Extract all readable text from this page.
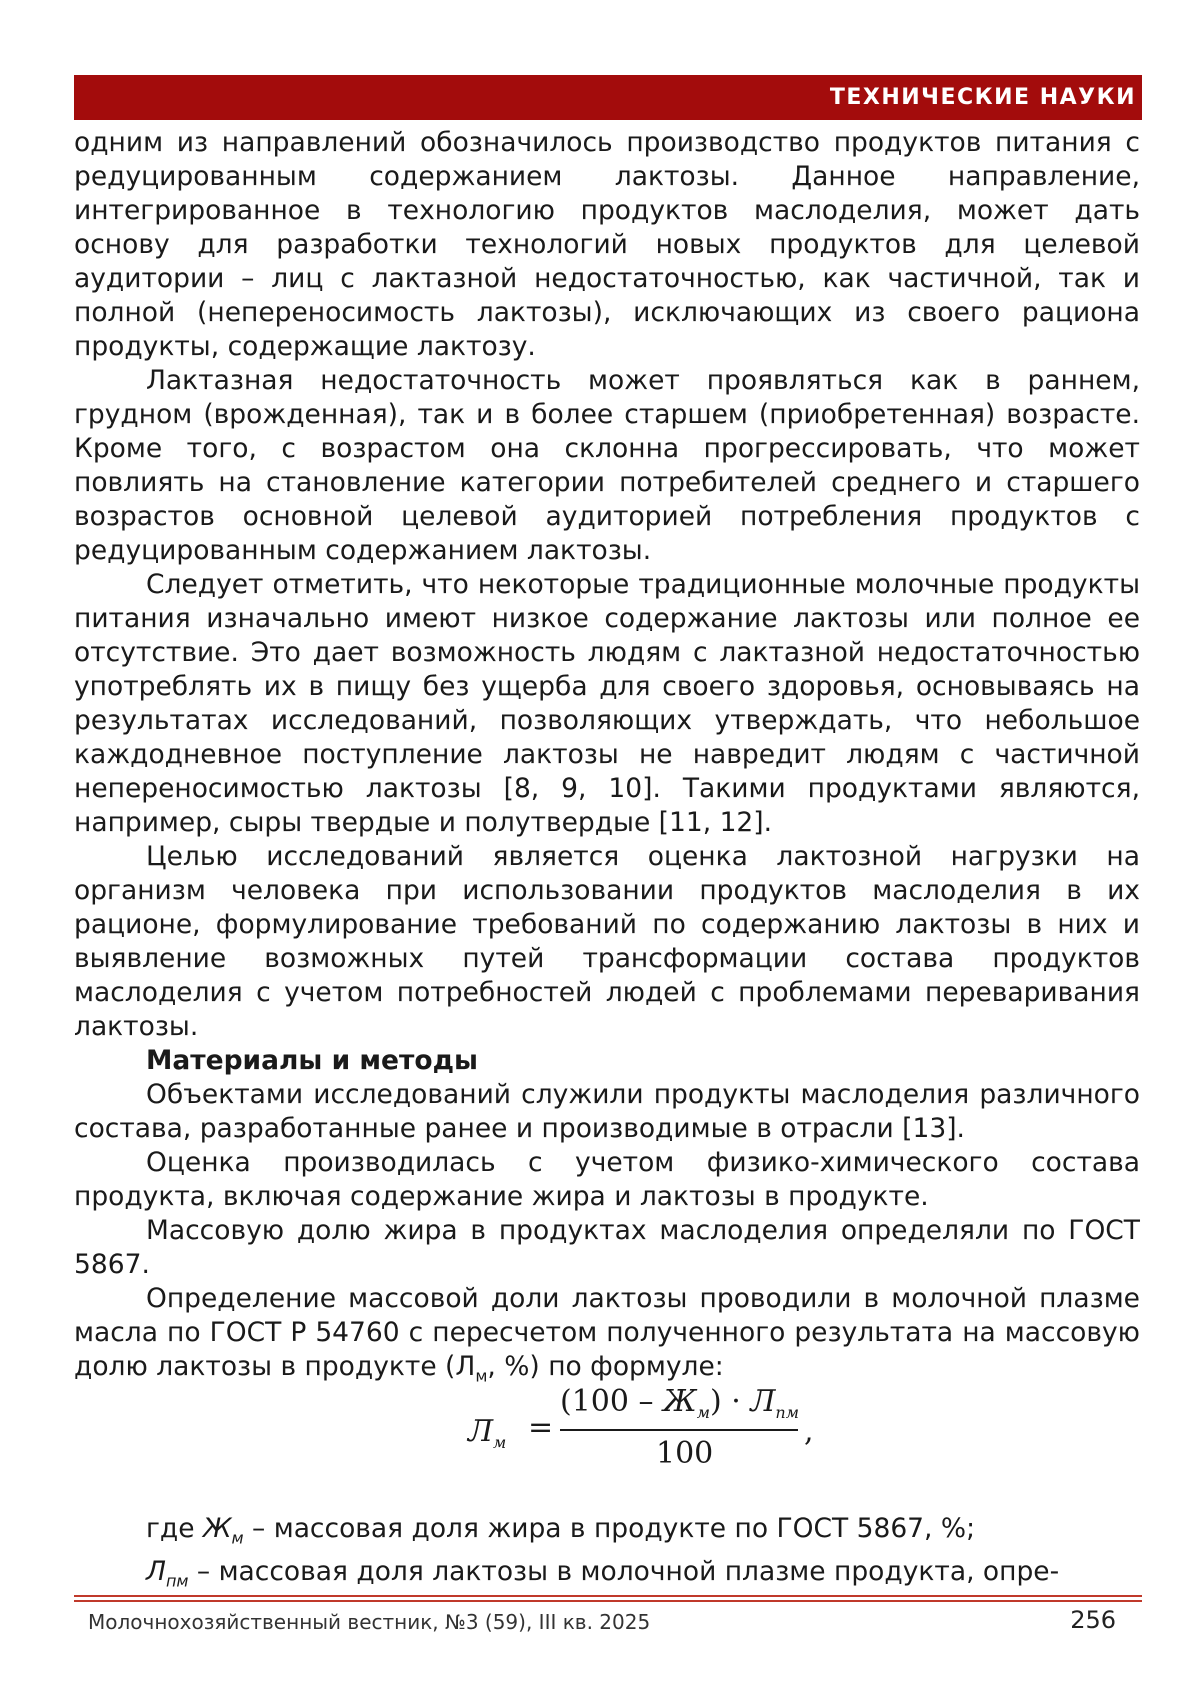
ТЕХНИЧЕСКИЕ НАУКИ

одним из направлений обозначилось производство продуктов питания с редуцированным содержанием лактозы. Данное направление, интегрированное в технологию продуктов маслоделия, может дать основу для разработки технологий новых продуктов для целевой аудитории – лиц с лактазной недостаточностью, как частичной, так и полной (непереносимость лактозы), исключающих из своего рациона продукты, содержащие лактозу.

Лактазная недостаточность может проявляться как в раннем, грудном (врожденная), так и в более старшем (приобретенная) возрасте. Кроме того, с возрастом она склонна прогрессировать, что может повлиять на становление категории потребителей среднего и старшего возрастов основной целевой аудиторией потребления продуктов с редуцированным содержанием лактозы.

Следует отметить, что некоторые традиционные молочные продукты питания изначально имеют низкое содержание лактозы или полное ее отсутствие. Это дает возможность людям с лактазной недостаточностью употреблять их в пищу без ущерба для своего здоровья, основываясь на результатах исследований, позволяющих утверждать, что небольшое каждодневное поступление лактозы не навредит людям с частичной непереносимостью лактозы [8, 9, 10]. Такими продуктами являются, например, сыры твердые и полутвердые [11, 12].

Целью исследований является оценка лактозной нагрузки на организм человека при использовании продуктов маслоделия в их рационе, формулирование требований по содержанию лактозы в них и выявление возможных путей трансформации состава продуктов маслоделия с учетом потребностей людей с проблемами переваривания лактозы.

Материалы и методы

Объектами исследований служили продукты маслоделия различного состава, разработанные ранее и производимые в отрасли [13].

Оценка производилась с учетом физико-химического состава продукта, включая содержание жира и лактозы в продукте.

Массовую долю жира в продуктах маслоделия определяли по ГОСТ 5867.

Определение массовой доли лактозы проводили в молочной плазме масла по ГОСТ Р 54760 с пересчетом полученного результата на массовую долю лактозы в продукте (Лм, %) по формуле:

Лм =
(100 – Жм) · Лпм
100
,

где Жм – массовая доля жира в продукте по ГОСТ 5867, %;

Лпм – массовая доля лактозы в молочной плазме продукта, опре-

Молочнохозяйственный вестник, №3 (59), III кв. 2025	256
